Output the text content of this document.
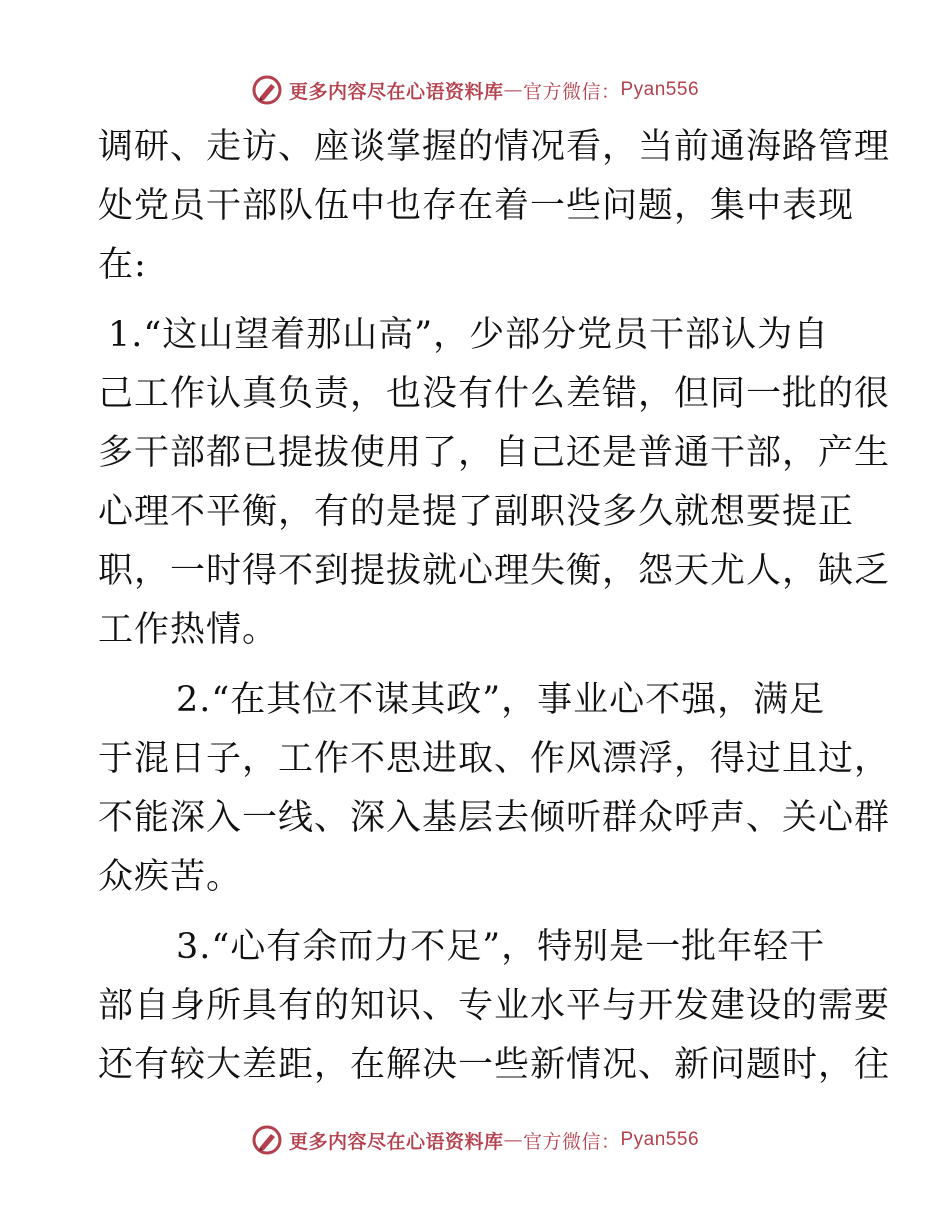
更多内容尽在心语资料库 — 官方微信： Pyan556
调研、走访、座谈掌握的情况看，当前通海路管理
处党员干部队伍中也存在着一些问题，集中表现
在:
1.“这山望着那山高”，少部分党员干部认为自
己工作认真负责，也没有什么差错，但同一批的很
多干部都已提拔使用了，自己还是普通干部，产生
心理不平衡，有的是提了副职没多久就想要提正
职，一时得不到提拔就心理失衡，怨天尤人，缺乏
工作热情。
2.“在其位不谋其政”，事业心不强，满足
于混日子，工作不思进取、作风漂浮，得过且过，
不能深入一线、深入基层去倾听群众呼声、关心群
众疾苦。
3.“心有余而力不足”，特别是一批年轻干
部自身所具有的知识、专业水平与开发建设的需要
还有较大差距，在解决一些新情况、新问题时，往
更多内容尽在心语资料库 — 官方微信： Pyan556
